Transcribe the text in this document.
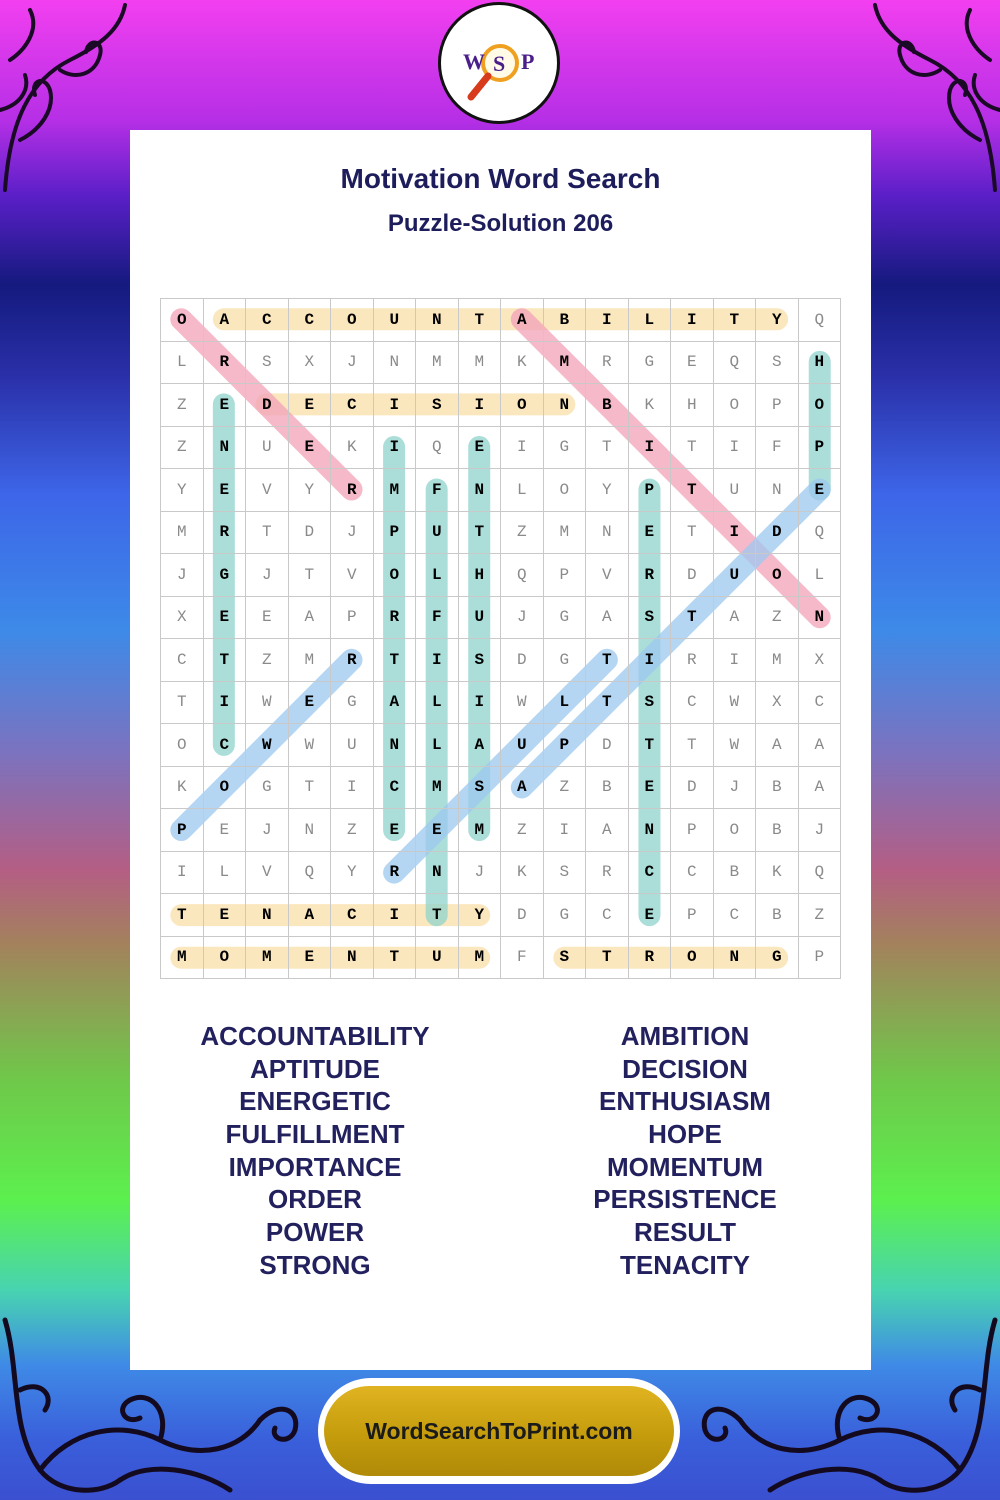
W S P
Motivation Word Search
Puzzle-Solution 206
O	A	C	C	O	U	N	T	A	B	I	L	I	T	Y	Q
L	R	S	X	J	N	M	M	K	M	R	G	E	Q	S	H
Z	E	D	E	C	I	S	I	O	N	B	K	H	O	P	O
Z	N	U	E	K	I	Q	E	I	G	T	I	T	I	F	P
Y	E	V	Y	R	M	F	N	L	O	Y	P	T	U	N	E
M	R	T	D	J	P	U	T	Z	M	N	E	T	I	D	Q
J	G	J	T	V	O	L	H	Q	P	V	R	D	U	O	L
X	E	E	A	P	R	F	U	J	G	A	S	T	A	Z	N
C	T	Z	M	R	T	I	S	D	G	T	I	R	I	M	X
T	I	W	E	G	A	L	I	W	L	T	S	C	W	X	C
O	C	W	W	U	N	L	A	U	P	D	T	T	W	A	A
K	O	G	T	I	C	M	S	A	Z	B	E	D	J	B	A
P	E	J	N	Z	E	E	M	Z	I	A	N	P	O	B	J
I	L	V	Q	Y	R	N	J	K	S	R	C	C	B	K	Q
T	E	N	A	C	I	T	Y	D	G	C	E	P	C	B	Z
M	O	M	E	N	T	U	M	F	S	T	R	O	N	G	P
ACCOUNTABILITY
APTITUDE
ENERGETIC
FULFILLMENT
IMPORTANCE
ORDER
POWER
STRONG
AMBITION
DECISION
ENTHUSIASM
HOPE
MOMENTUM
PERSISTENCE
RESULT
TENACITY
WordSearchToPrint.com
